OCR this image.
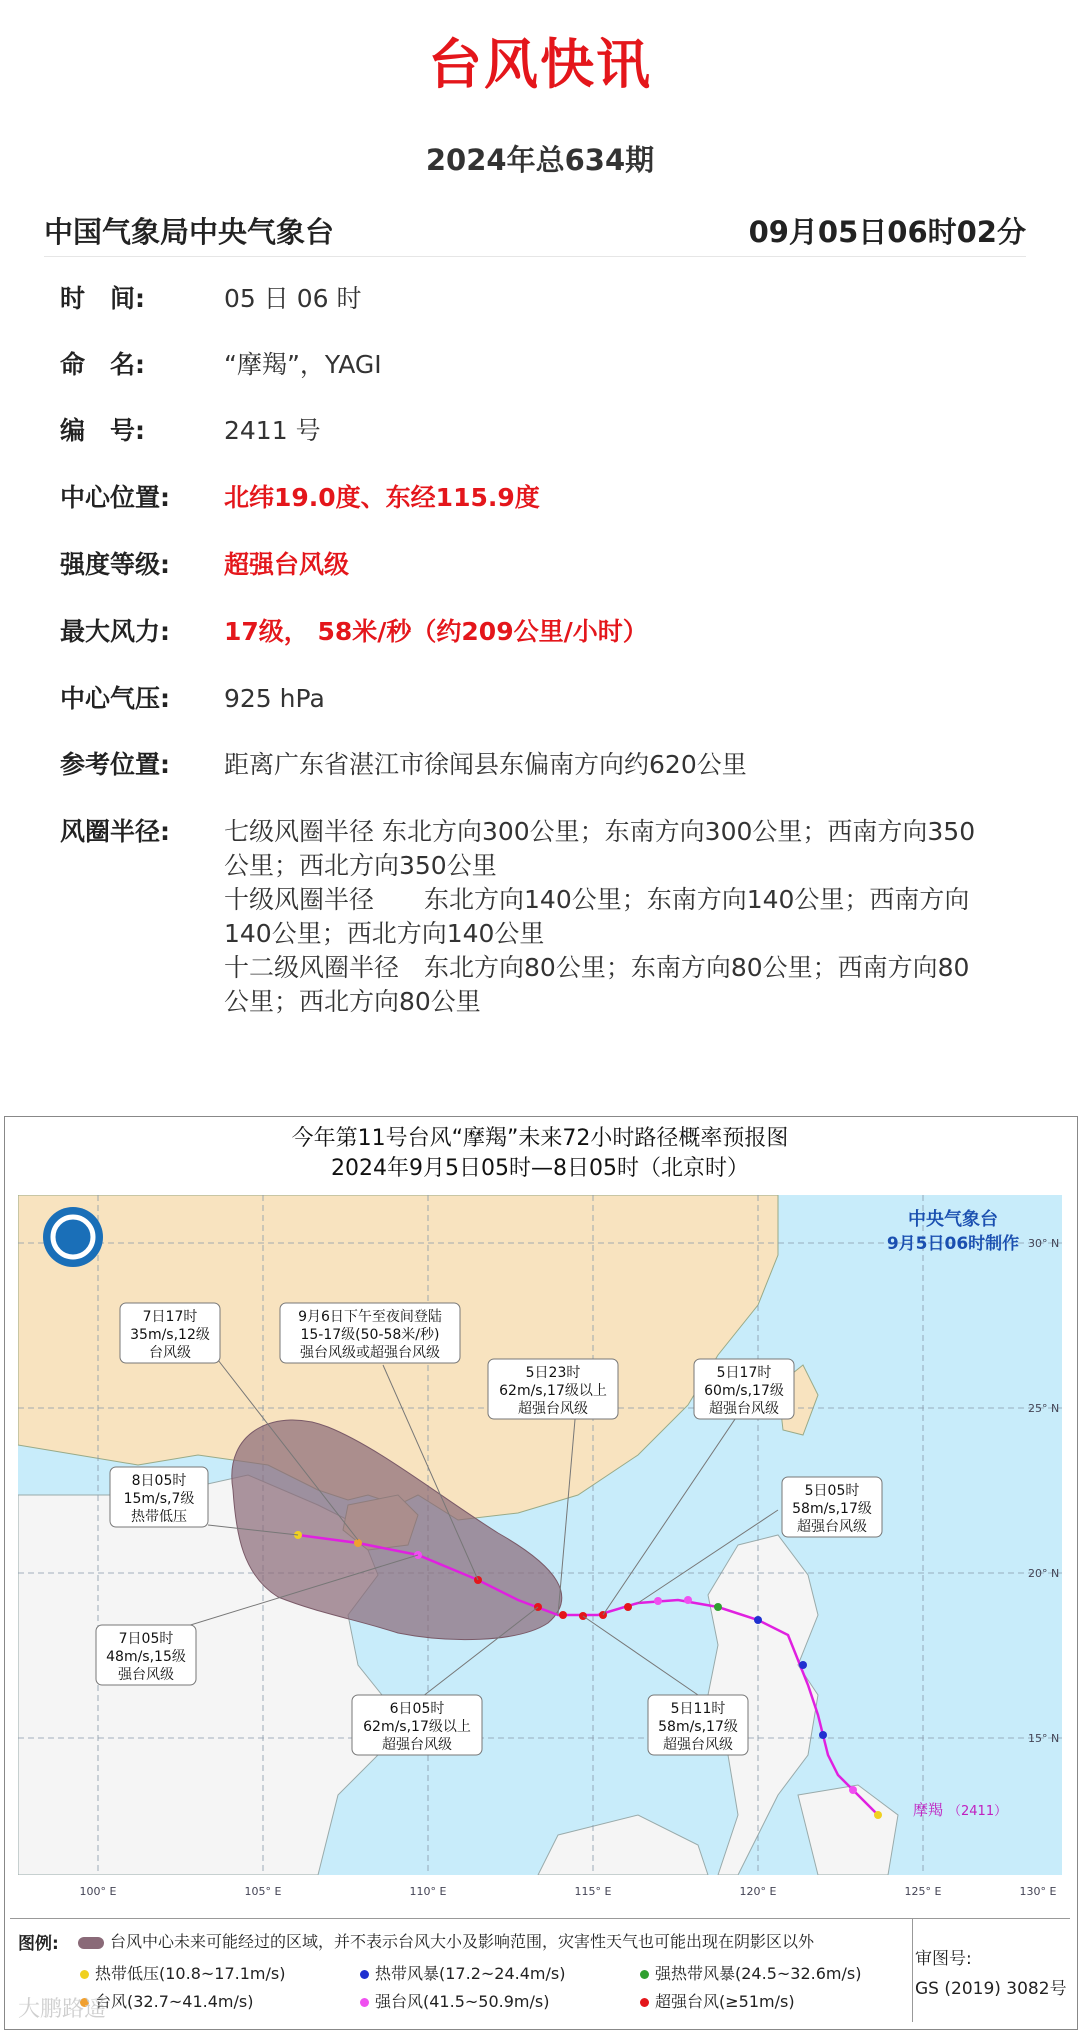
台风快讯
2024年总634期
中国气象局中央气象台	09月05日06时02分
时　间:	05 日 06 时
命　名:	“摩羯”，YAGI
编　号:	2411 号
中心位置:	北纬19.0度、东经115.9度
强度等级:	超强台风级
最大风力:	17级， 58米/秒（约209公里/小时）
中心气压:	925 hPa
参考位置:	距离广东省湛江市徐闻县东偏南方向约620公里
风圈半径:	七级风圈半径 东北方向300公里；东南方向300公里；西南方向350
公里；西北方向350公里
十级风圈半径　　东北方向140公里；东南方向140公里；西南方向
140公里；西北方向140公里
十二级风圈半径　东北方向80公里；东南方向80公里；西南方向80
公里；西北方向80公里
今年第11号台风“摩羯”未来72小时路径概率预报图
2024年9月5日05时—8日05时（北京时）
7日17时
35m/s,12级
台风级
9月6日下午至夜间登陆
15-17级(50-58米/秒)
强台风级或超强台风级
5日23时
62m/s,17级以上
超强台风级
5日17时
60m/s,17级
超强台风级
8日05时
15m/s,7级
热带低压
5日05时
58m/s,17级
超强台风级
7日05时
48m/s,15级
强台风级
6日05时
62m/s,17级以上
超强台风级
5日11时
58m/s,17级
超强台风级
中央气象台
9月5日06时制作
摩羯 （2411）
30° N
25° N
20° N
15° N
100° E	105° E	110° E	115° E	120° E	125° E	130° E
图例:	台风中心未来可能经过的区域，并不表示台风大小及影响范围，灾害性天气也可能出现在阴影区以外
热带低压(10.8~17.1m/s)	热带风暴(17.2~24.4m/s)	强热带风暴(24.5~32.6m/s)
台风(32.7~41.4m/s)	强台风(41.5~50.9m/s)	超强台风(≥51m/s)
审图号:
GS (2019) 3082号
大鹏路遥
